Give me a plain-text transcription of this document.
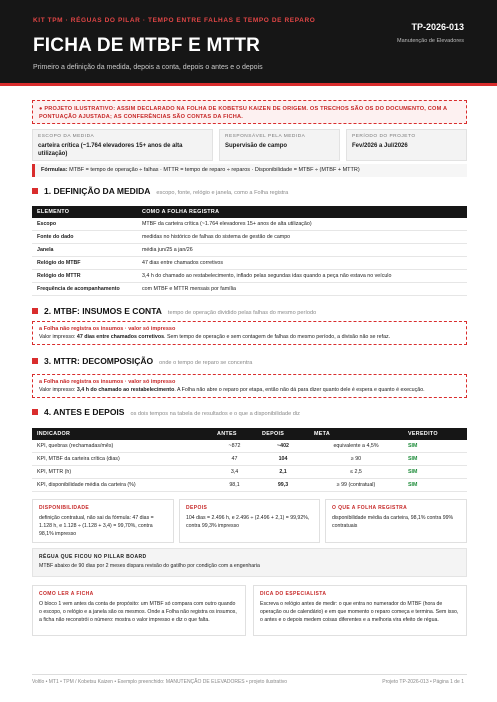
KIT TPM · RÉGUAS DO PILAR · TEMPO ENTRE FALHAS E TEMPO DE REPARO
FICHA DE MTBF E MTTR
Primeiro a definição da medida, depois a conta, depois o antes e o depois
TP-2026-013
Manutenção de Elevadores
● PROJETO ILUSTRATIVO: ASSIM DECLARADO NA FOLHA DE KOBETSU KAIZEN DE ORIGEM. OS TRECHOS SÃO OS DO DOCUMENTO, COM A PONTUAÇÃO AJUSTADA; AS CONFERÊNCIAS SÃO CONTAS DA FICHA.
ESCOPO DA MEDIDA
carteira crítica (~1.764 elevadores 15+ anos de alta utilização)
RESPONSÁVEL PELA MEDIDA
Supervisão de campo
PERÍODO DO PROJETO
Fev/2026 a Jul/2026
Fórmulas: MTBF = tempo de operação ÷ falhas · MTTR = tempo de reparo ÷ reparos · Disponibilidade = MTBF ÷ (MTBF + MTTR)
1. DEFINIÇÃO DA MEDIDA escopo, fonte, relógio e janela, como a Folha registra
ELEMENTO	COMO A FOLHA REGISTRA
Escopo	MTBF da carteira crítica (~1.764 elevadores 15+ anos de alta utilização)
Fonte do dado	medidas no histórico de falhas do sistema de gestão de campo
Janela	média jun/25 a jan/26
Relógio do MTBF	47 dias entre chamados corretivos
Relógio do MTTR	3,4 h do chamado ao restabelecimento, inflado pelas segundas idas quando a peça não estava no veículo
Frequência de acompanhamento	com MTBF e MTTR mensais por família
2. MTBF: INSUMOS E CONTA tempo de operação dividido pelas falhas do mesmo período
a Folha não registra os insumos · valor só impresso
Valor impresso: 47 dias entre chamados corretivos. Sem tempo de operação e sem contagem de falhas do mesmo período, a divisão não se refaz.
3. MTTR: DECOMPOSIÇÃO onde o tempo de reparo se concentra
a Folha não registra os insumos · valor só impresso
Valor impresso: 3,4 h do chamado ao restabelecimento. A Folha não abre o reparo por etapa, então não dá para dizer quanto dele é espera e quanto é execução.
4. ANTES E DEPOIS os dois tempos na tabela de resultados e o que a disponibilidade diz
INDICADOR	ANTES	DEPOIS	META	VEREDITO
KPI, quebras (rechamadas/mês)	~872	~402	equivalente a 4,5%	SIM
KPI, MTBF da carteira crítica (dias)	47	104	≥ 90	SIM
KPI, MTTR (h)	3,4	2,1	≤ 2,5	SIM
KPI, disponibilidade média da carteira (%)	98,1	99,3	≥ 99 (contratual)	SIM
DISPONIBILIDADE
definição contratual, não sai da fórmula: 47 dias = 1.128 h, e 1.128 ÷ (1.128 + 3,4) = 99,70%, contra 98,1% impresso
DEPOIS
104 dias = 2.496 h, e 2.496 ÷ (2.496 + 2,1) = 99,92%, contra 99,3% impresso
O QUE A FOLHA REGISTRA
disponibilidade média da carteira, 98,1% contra 99% contratuais
RÉGUA QUE FICOU NO PILLAR BOARD
MTBF abaixo de 90 dias por 2 meses dispara revisão do gatilho por condição com a engenharia
COMO LER A FICHA
O bloco 1 vem antes da conta de propósito: um MTBF só compara com outro quando o escopo, o relógio e a janela são os mesmos. Onde a Folha não registra os insumos, a ficha não reconstrói o número: mostra o valor impresso e diz o que falta.
DICA DO ESPECIALISTA
Escreva o relógio antes de medir: o que entra no numerador do MTBF (hora de operação ou de calendário) e em que momento o reparo começa e termina. Sem isso, o antes e o depois medem coisas diferentes e a melhoria vira efeito de régua.
Voltlo • MT1 • TPM / Kobetsu Kaizen • Exemplo preenchido: MANUTENÇÃO DE ELEVADORES • projeto ilustrativo	Projeto TP-2026-013 • Página 1 de 1
